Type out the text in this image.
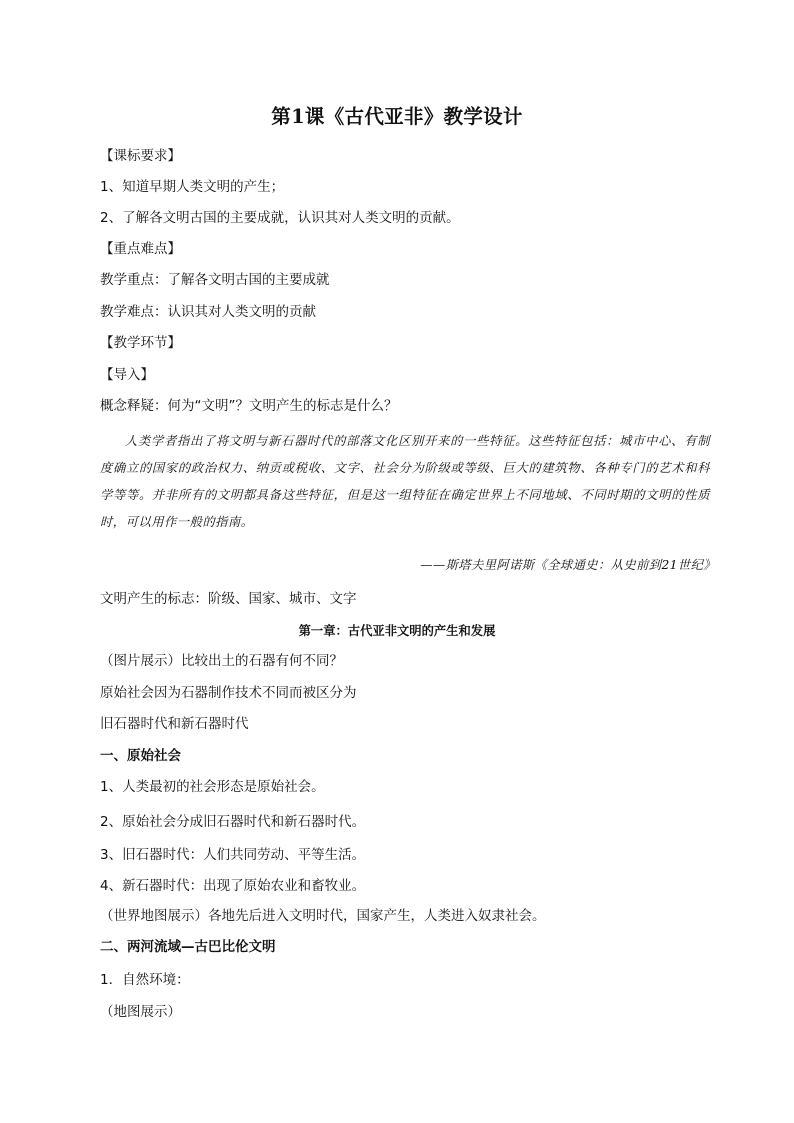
第1课《古代亚非》教学设计
【课标要求】
1、知道早期人类文明的产生；
2、了解各文明古国的主要成就，认识其对人类文明的贡献。
【重点难点】
教学重点：了解各文明古国的主要成就
教学难点：认识其对人类文明的贡献
【教学环节】
【导入】
概念释疑：何为“文明”？文明产生的标志是什么？
人类学者指出了将文明与新石器时代的部落文化区别开来的一些特征。这些特征包括：城市中心、有制度确立的国家的政治权力、纳贡或税收、文字、社会分为阶级或等级、巨大的建筑物、各种专门的艺术和科学等等。并非所有的文明都具备这些特征，但是这一组特征在确定世界上不同地域、不同时期的文明的性质时，可以用作一般的指南。
——斯塔夫里阿诺斯《全球通史：从史前到21世纪》
文明产生的标志：阶级、国家、城市、文字
第一章：古代亚非文明的产生和发展
（图片展示）比较出土的石器有何不同？
原始社会因为石器制作技术不同而被区分为
旧石器时代和新石器时代
一、原始社会
1、人类最初的社会形态是原始社会。
2、原始社会分成旧石器时代和新石器时代。
3、旧石器时代：人们共同劳动、平等生活。
4、新石器时代：出现了原始农业和畜牧业。
（世界地图展示）各地先后进入文明时代，国家产生，人类进入奴隶社会。
二、两河流域—古巴比伦文明
1．自然环境：
（地图展示）
